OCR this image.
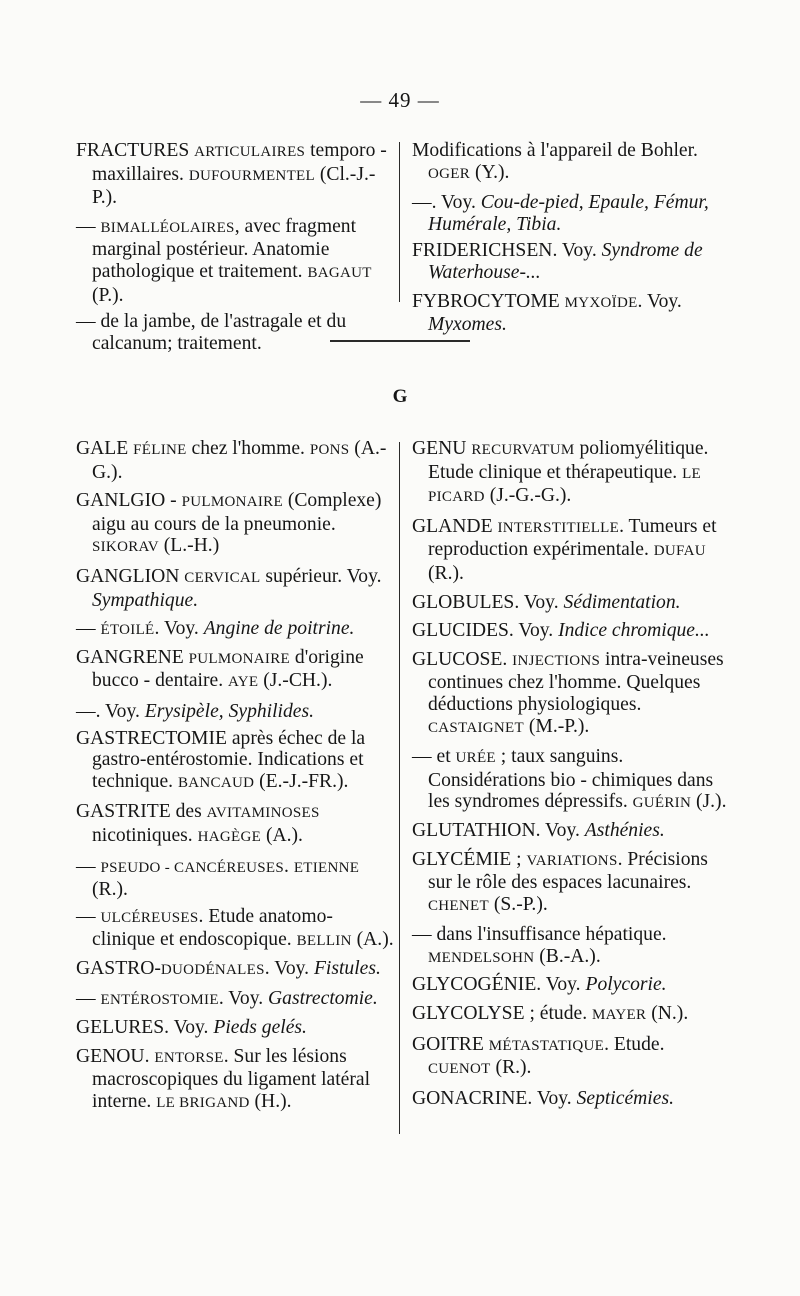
— 49 —
FRACTURES ARTICULAIRES temporo - maxillaires. DUFOURMENTEL (Cl.-J.-P.).
— BIMALLÉOLAIRES, avec fragment marginal postérieur. Anatomie pathologique et traitement. BAGAUT (P.).
— de la jambe, de l'astragale et du calcanum; traitement.
Modifications à l'appareil de Bohler. OGER (Y.).
—. Voy. Cou-de-pied, Epaule, Fémur, Humérale, Tibia.
FRIDERICHSEN. Voy. Syndrome de Waterhouse-...
FYBROCYTOME MYXOÏDE. Voy. Myxomes.
G
GALE FÉLINE chez l'homme. PONS (A.-G.).
GANLGIO - PULMONAIRE (Complexe) aigu au cours de la pneumonie. SIKORAV (L.-H.)
GANGLION CERVICAL supérieur. Voy. Sympathique.
— ÉTOILÉ. Voy. Angine de poitrine.
GANGRENE PULMONAIRE d'origine bucco - dentaire. AYE (J.-CH.).
—. Voy. Erysipèle, Syphilides.
GASTRECTOMIE après échec de la gastro-entérostomie. Indications et technique. BANCAUD (E.-J.-FR.).
GASTRITE des AVITAMINOSES nicotiniques. HAGÈGE (A.).
— PSEUDO - CANCÉREUSES. ETIENNE (R.).
— ULCÉREUSES. Etude anatomo-clinique et endoscopique. BELLIN (A.).
GASTRO-DUODÉNALES. Voy. Fistules.
— ENTÉROSTOMIE. Voy. Gastrectomie.
GELURES. Voy. Pieds gelés.
GENOU. ENTORSE. Sur les lésions macroscopiques du ligament latéral interne. LE BRIGAND (H.).
GENU RECURVATUM poliomyélitique. Etude clinique et thérapeutique. LE PICARD (J.-G.-G.).
GLANDE INTERSTITIELLE. Tumeurs et reproduction expérimentale. DUFAU (R.).
GLOBULES. Voy. Sédimentation.
GLUCIDES. Voy. Indice chromique...
GLUCOSE. INJECTIONS intra-veineuses continues chez l'homme. Quelques déductions physiologiques. CASTAIGNET (M.-P.).
— et URÉE ; taux sanguins. Considérations bio - chimiques dans les syndromes dépressifs. GUÉRIN (J.).
GLUTATHION. Voy. Asthénies.
GLYCÉMIE ; VARIATIONS. Précisions sur le rôle des espaces lacunaires. CHENET (S.-P.).
— dans l'insuffisance hépatique. MENDELSOHN (B.-A.).
GLYCOGÉNIE. Voy. Polycorie.
GLYCOLYSE ; étude. MAYER (N.).
GOITRE MÉTASTATIQUE. Etude. CUENOT (R.).
GONACRINE. Voy. Septicémies.
